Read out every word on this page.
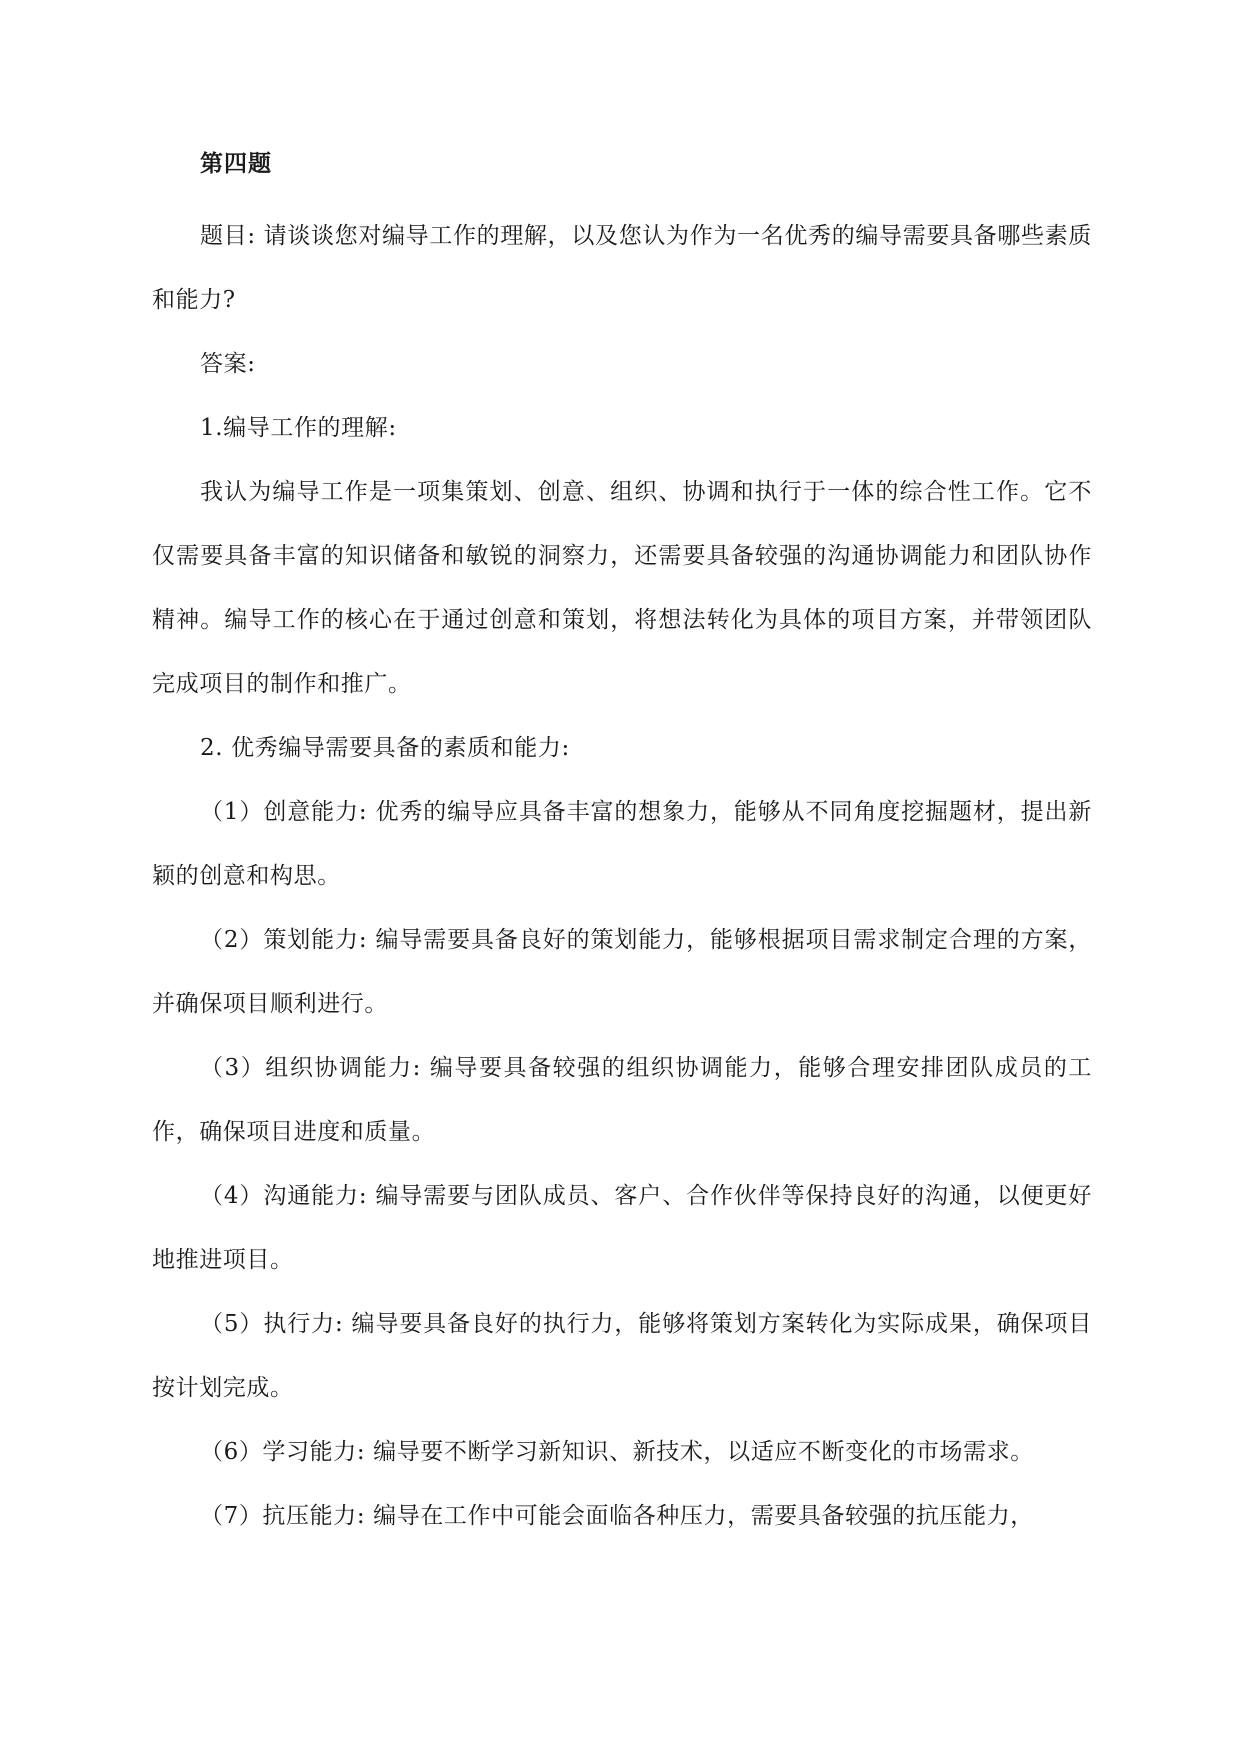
第四题

题目: 请谈谈您对编导工作的理解，以及您认为作为一名优秀的编导需要具备哪些素质和能力?

答案:

1.编导工作的理解:

我认为编导工作是一项集策划、创意、组织、协调和执行于一体的综合性工作。它不仅需要具备丰富的知识储备和敏锐的洞察力，还需要具备较强的沟通协调能力和团队协作精神。编导工作的核心在于通过创意和策划，将想法转化为具体的项目方案，并带领团队完成项目的制作和推广。

2. 优秀编导需要具备的素质和能力:

（1）创意能力: 优秀的编导应具备丰富的想象力，能够从不同角度挖掘题材，提出新颖的创意和构思。

（2）策划能力: 编导需要具备良好的策划能力，能够根据项目需求制定合理的方案，并确保项目顺利进行。

（3）组织协调能力: 编导要具备较强的组织协调能力，能够合理安排团队成员的工作，确保项目进度和质量。

（4）沟通能力: 编导需要与团队成员、客户、合作伙伴等保持良好的沟通，以便更好地推进项目。

（5）执行力: 编导要具备良好的执行力，能够将策划方案转化为实际成果，确保项目按计划完成。

（6）学习能力: 编导要不断学习新知识、新技术，以适应不断变化的市场需求。

（7）抗压能力: 编导在工作中可能会面临各种压力，需要具备较强的抗压能力，
